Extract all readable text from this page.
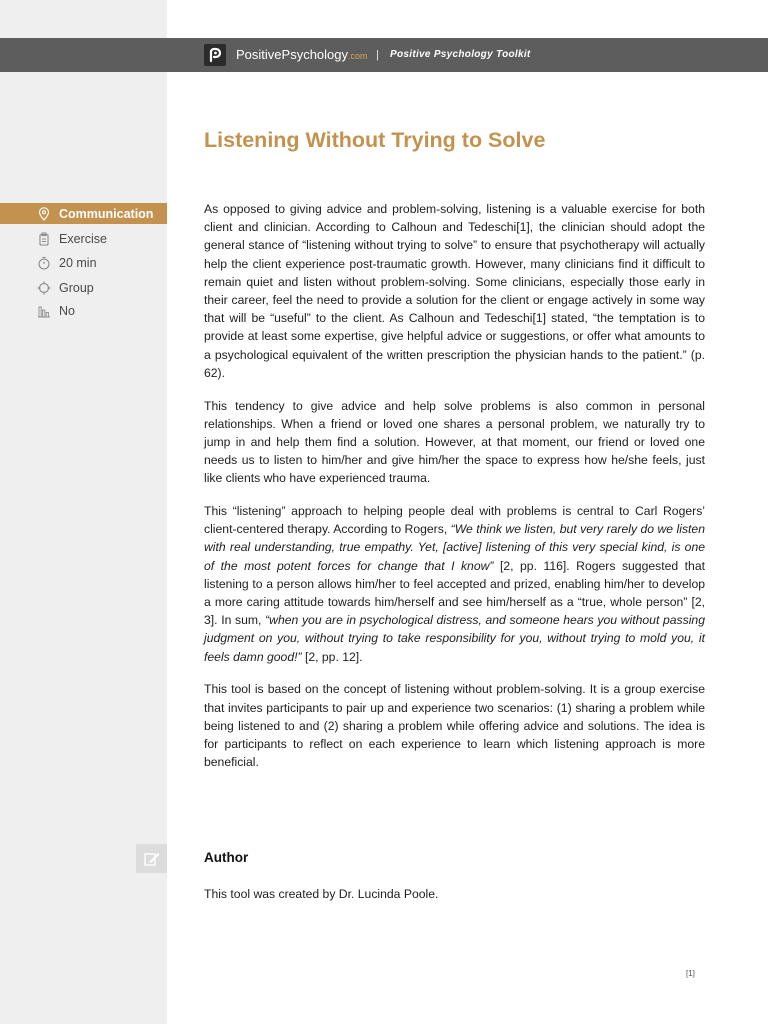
PositivePsychology.com | Positive Psychology Toolkit
Listening Without Trying to Solve
Communication
Exercise
20 min
Group
No

As opposed to giving advice and problem-solving, listening is a valuable exercise for both client and clinician. According to Calhoun and Tedeschi[1], the clinician should adopt the general stance of “listening without trying to solve” to ensure that psychotherapy will actually help the client experience post-traumatic growth. However, many clinicians find it difficult to remain quiet and listen without problem-solving. Some clinicians, especially those early in their career, feel the need to provide a solution for the client or engage actively in some way that will be “useful” to the client. As Calhoun and Tedeschi[1] stated, “the temptation is to provide at least some expertise, give helpful advice or suggestions, or offer what amounts to a psychological equivalent of the written prescription the physician hands to the patient.” (p. 62).

This tendency to give advice and help solve problems is also common in personal relationships. When a friend or loved one shares a personal problem, we naturally try to jump in and help them find a solution. However, at that moment, our friend or loved one needs us to listen to him/her and give him/her the space to express how he/she feels, just like clients who have experienced trauma.

This “listening” approach to helping people deal with problems is central to Carl Rogers’ client-centered therapy. According to Rogers, “We think we listen, but very rarely do we listen with real understanding, true empathy. Yet, [active] listening of this very special kind, is one of the most potent forces for change that I know” [2, pp. 116]. Rogers suggested that listening to a person allows him/her to feel accepted and prized, enabling him/her to develop a more caring attitude towards him/herself and see him/herself as a “true, whole person” [2, 3]. In sum, “when you are in psychological distress, and someone hears you without passing judgment on you, without trying to take responsibility for you, without trying to mold you, it feels damn good!” [2, pp. 12].

This tool is based on the concept of listening without problem-solving. It is a group exercise that invites participants to pair up and experience two scenarios: (1) sharing a problem while being listened to and (2) sharing a problem while offering advice and solutions. The idea is for participants to reflect on each experience to learn which listening approach is more beneficial.

Author

This tool was created by Dr. Lucinda Poole.

[1]
